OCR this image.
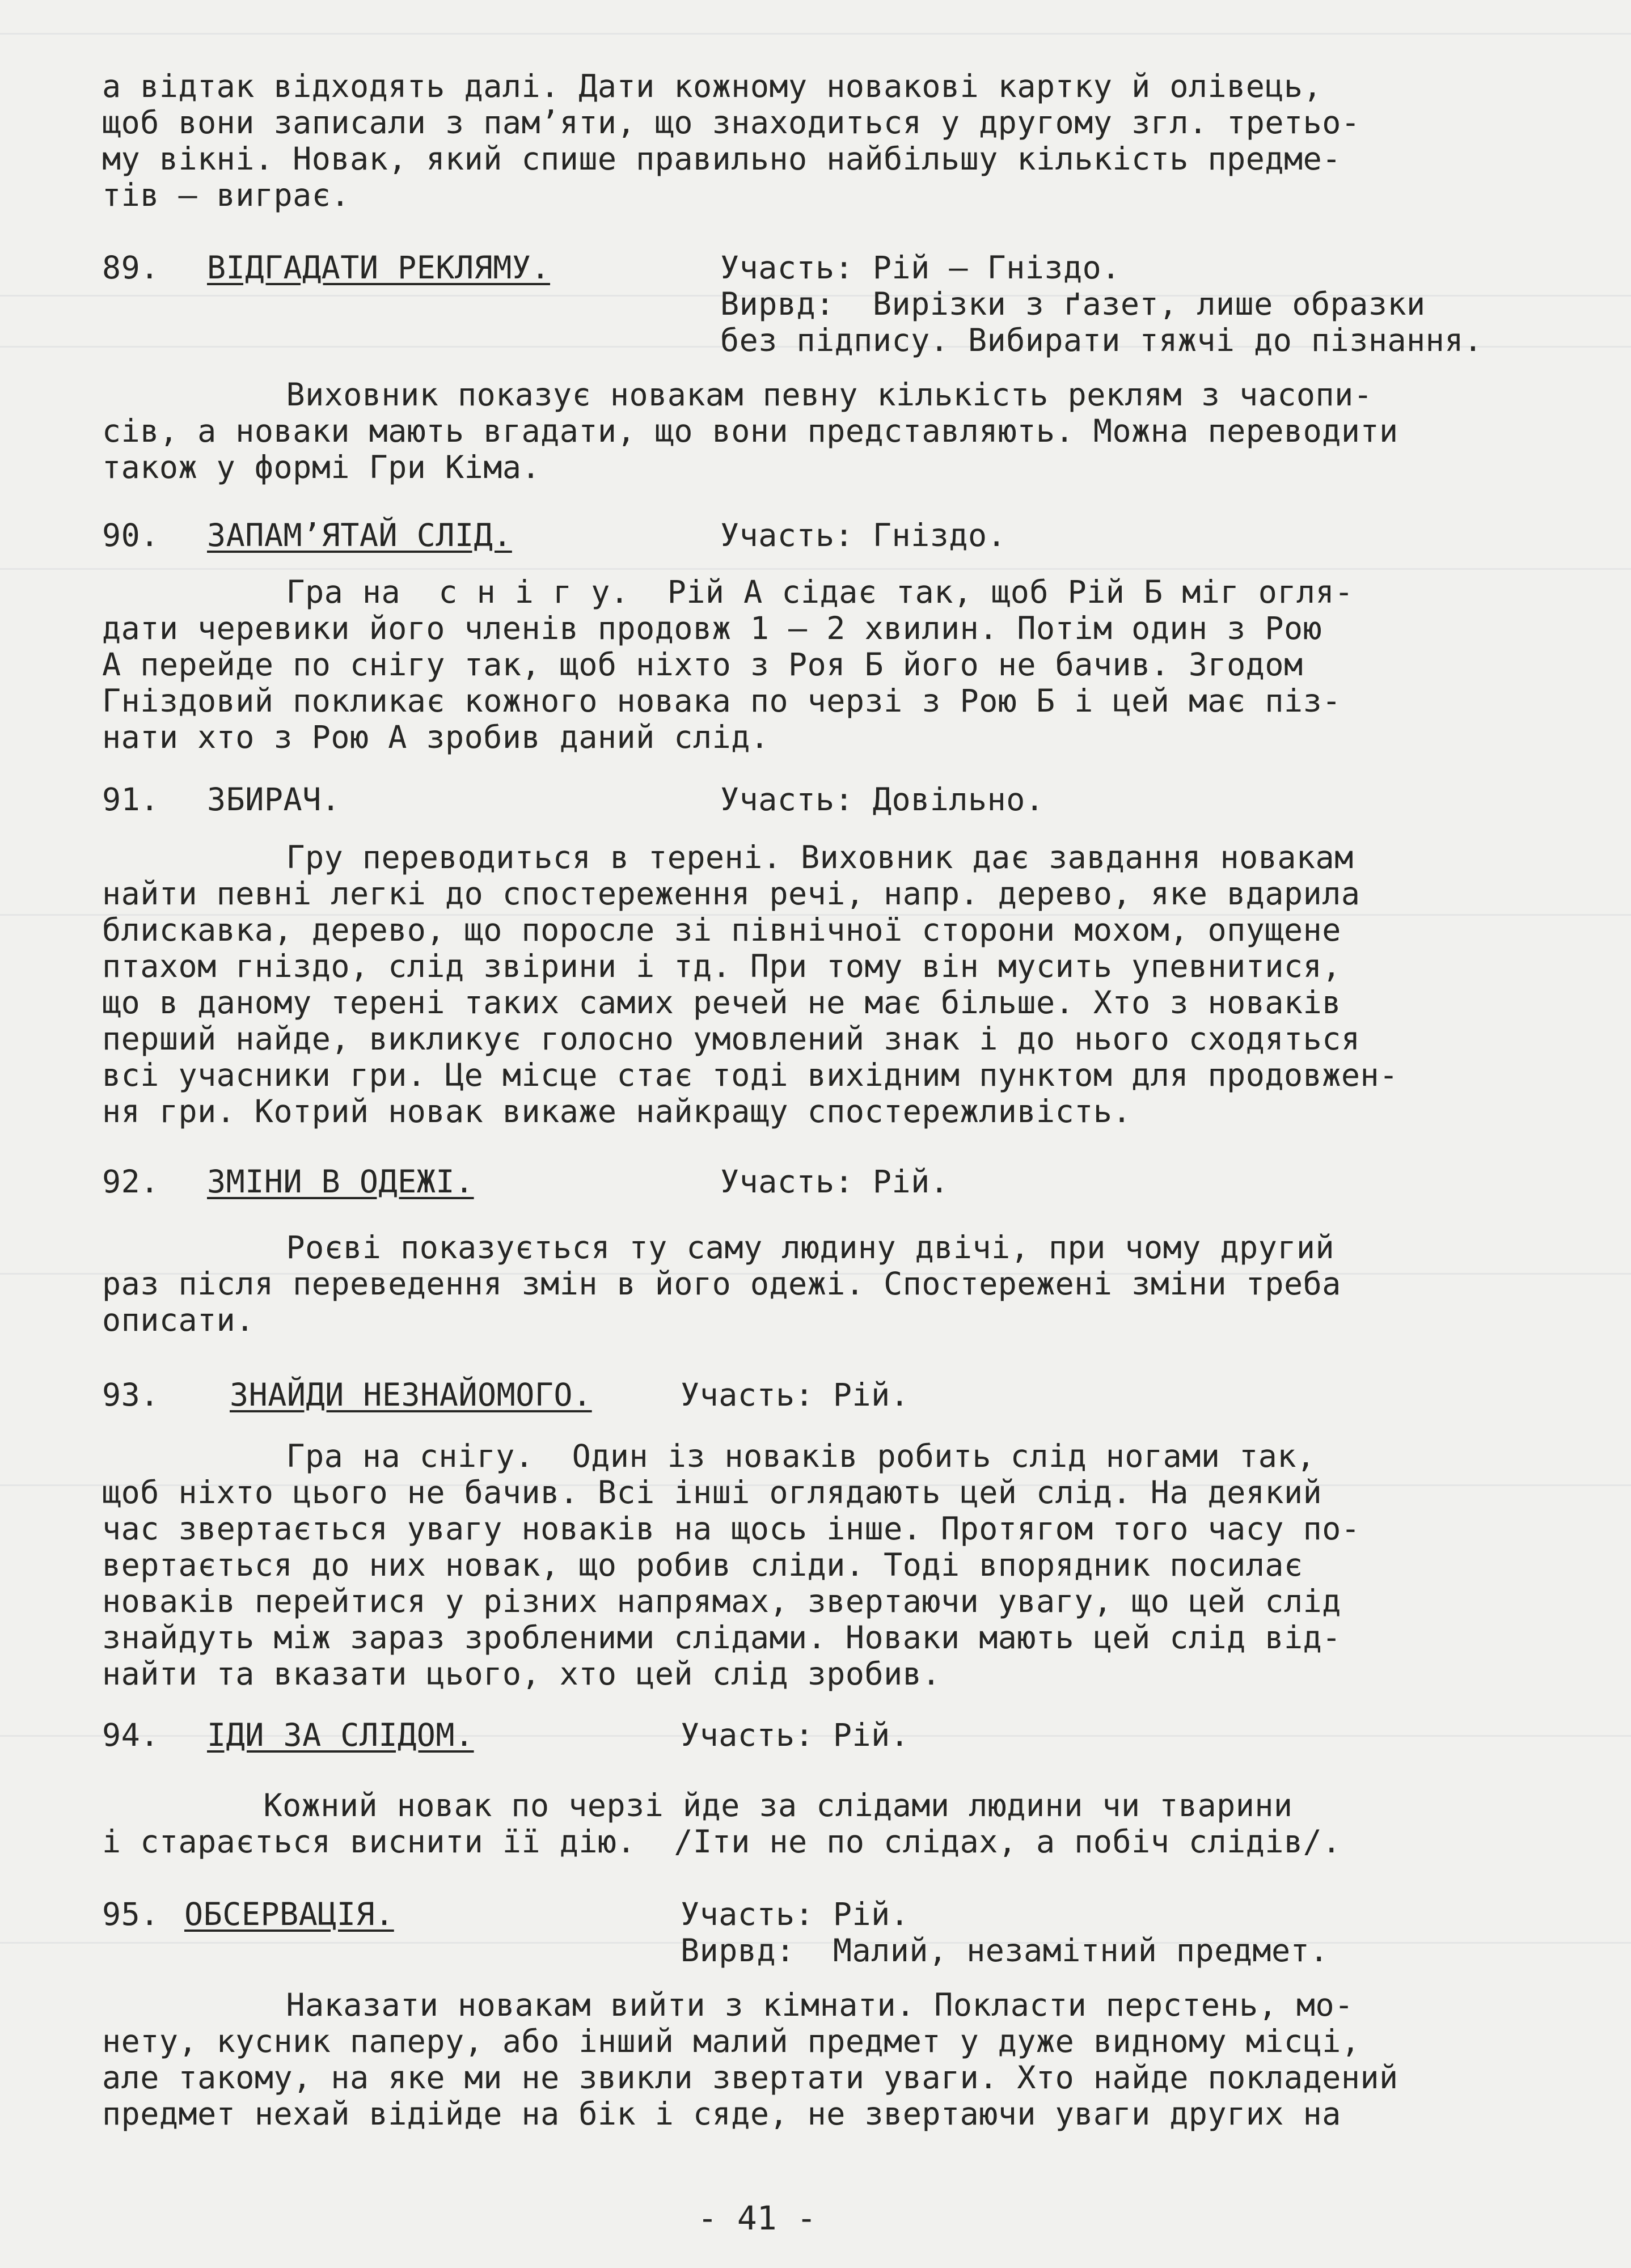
а відтак відходять далі. Дати кожному новакові картку й олівець,
щоб вони записали з пам’яти, що знаходиться у другому згл. третьо-
му вікні. Новак, який спише правильно найбільшу кількість предме-
тів – виграє.
89. ВІДГАДАТИ РЕКЛЯМУ.	Участь: Рій – Гніздо.
Вирвд:  Вирізки з ґазет, лише образки
без підпису. Вибирати тяжчі до пізнання.
Виховник показує новакам певну кількість реклям з часопи-
сів, а новаки мають вгадати, що вони представляють. Можна переводити
також у формі Гри Кіма.
90. ЗАПАМ’ЯТАЙ СЛІД.	Участь: Гніздо.
Гра на  с н і г у.  Рій А сідає так, щоб Рій Б міг огля-
дати черевики його членів продовж 1 – 2 хвилин. Потім один з Рою
А перейде по снігу так, щоб ніхто з Роя Б його не бачив. Згодом
Гніздовий покликає кожного новака по черзі з Рою Б і цей має піз-
нати хто з Рою А зробив даний слід.
91. ЗБИРАЧ.	Участь: Довільно.
Гру переводиться в терені. Виховник дає завдання новакам
найти певні легкі до спостереження речі, напр. дерево, яке вдарила
блискавка, дерево, що поросле зі північної сторони мохом, опущене
птахом гніздо, слід звірини і тд. При тому він мусить упевнитися,
що в даному терені таких самих речей не має більше. Хто з новаків
перший найде, викликує голосно умовлений знак і до нього сходяться
всі учасники гри. Це місце стає тоді вихідним пунктом для продовжен-
ня гри. Котрий новак викаже найкращу спостережливість.
92. ЗМІНИ В ОДЕЖІ.	Участь: Рій.
Роєві показується ту саму людину двічі, при чому другий
раз після переведення змін в його одежі. Спостережені зміни треба
описати.
93. ЗНАЙДИ НЕЗНАЙОМОГО.	Участь: Рій.
Гра на снігу.  Один із новаків робить слід ногами так,
щоб ніхто цього не бачив. Всі інші оглядають цей слід. На деякий
час звертається увагу новаків на щось інше. Протягом того часу по-
вертається до них новак, що робив сліди. Тоді впорядник посилає
новаків перейтися у різних напрямах, звертаючи увагу, що цей слід
знайдуть між зараз зробленими слідами. Новаки мають цей слід від-
найти та вказати цього, хто цей слід зробив.
94. ІДИ ЗА СЛІДОМ.	Участь: Рій.
Кожний новак по черзі йде за слідами людини чи тварини
і старається виснити її дію.  /Іти не по слідах, а побіч слідів/.
95. ОБСЕРВАЦІЯ.	Участь: Рій.
Вирвд:  Малий, незамітний предмет.
Наказати новакам вийти з кімнати. Покласти перстень, мо-
нету, кусник паперу, або інший малий предмет у дуже видному місці,
але такому, на яке ми не звикли звертати уваги. Хто найде покладений
предмет нехай відійде на бік і сяде, не звертаючи уваги других на
- 41 -
